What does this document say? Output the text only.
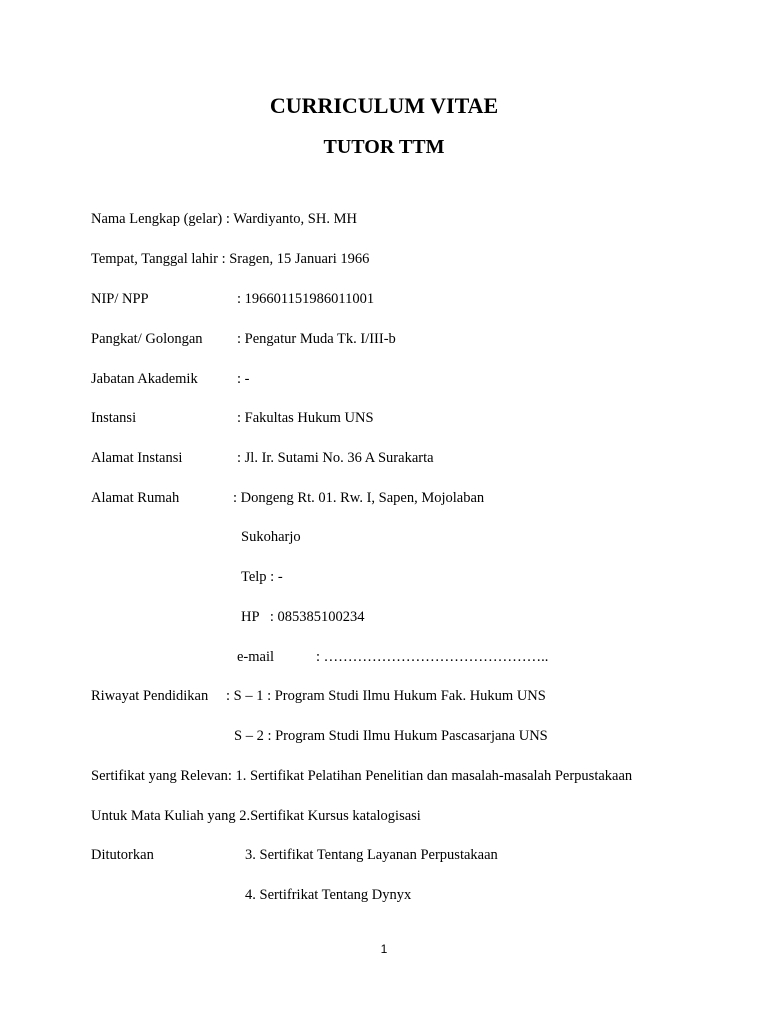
CURRICULUM VITAE
TUTOR TTM
Nama Lengkap (gelar) : Wardiyanto, SH. MH
Tempat, Tanggal lahir : Sragen, 15 Januari 1966
NIP/ NPP	: 196601151986011001
Pangkat/ Golongan : Pengatur Muda Tk. I/III-b
Jabatan Akademik	: -
Instansi	: Fakultas Hukum UNS
Alamat Instansi	: Jl. Ir. Sutami No. 36 A Surakarta
Alamat Rumah	: Dongeng Rt. 01. Rw. I, Sapen, Mojolaban
Sukoharjo
Telp : -
HP   : 085385100234
e-mail	: ………………………………………..
Riwayat Pendidikan : S – 1 : Program Studi Ilmu Hukum Fak. Hukum UNS
S – 2 : Program Studi Ilmu Hukum Pascasarjana UNS
Sertifikat yang Relevan: 1. Sertifikat Pelatihan Penelitian dan masalah-masalah Perpustakaan
Untuk Mata Kuliah yang 2.Sertifikat Kursus katalogisasi
Ditutorkan	3. Sertifikat Tentang Layanan Perpustakaan
4. Sertifrikat Tentang Dynyx
1
